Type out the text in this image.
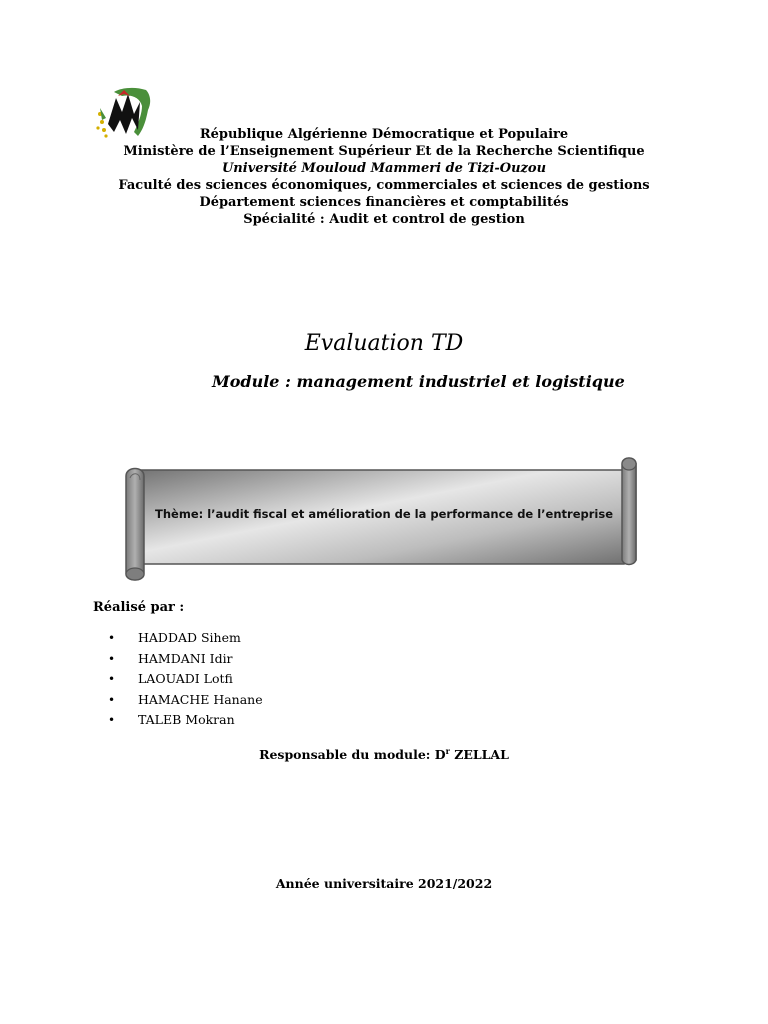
République Algérienne Démocratique et Populaire
Ministère de l’Enseignement Supérieur Et de la Recherche Scientifique
Université Mouloud Mammeri de Tizi-Ouzou
Faculté des sciences économiques, commerciales et sciences de gestions
Département sciences financières et comptabilités
Spécialité : Audit et control de gestion
Evaluation TD
Module : management industriel et logistique
Thème: l’audit fiscal et amélioration de la performance de l’entreprise
Réalisé par :
• HADDAD Sihem
• HAMDANI Idir
• LAOUADI Lotfi
• HAMACHE Hanane
• TALEB Mokran
Responsable du module: $D^r$ ZELLAL
Année universitaire 2021/2022
